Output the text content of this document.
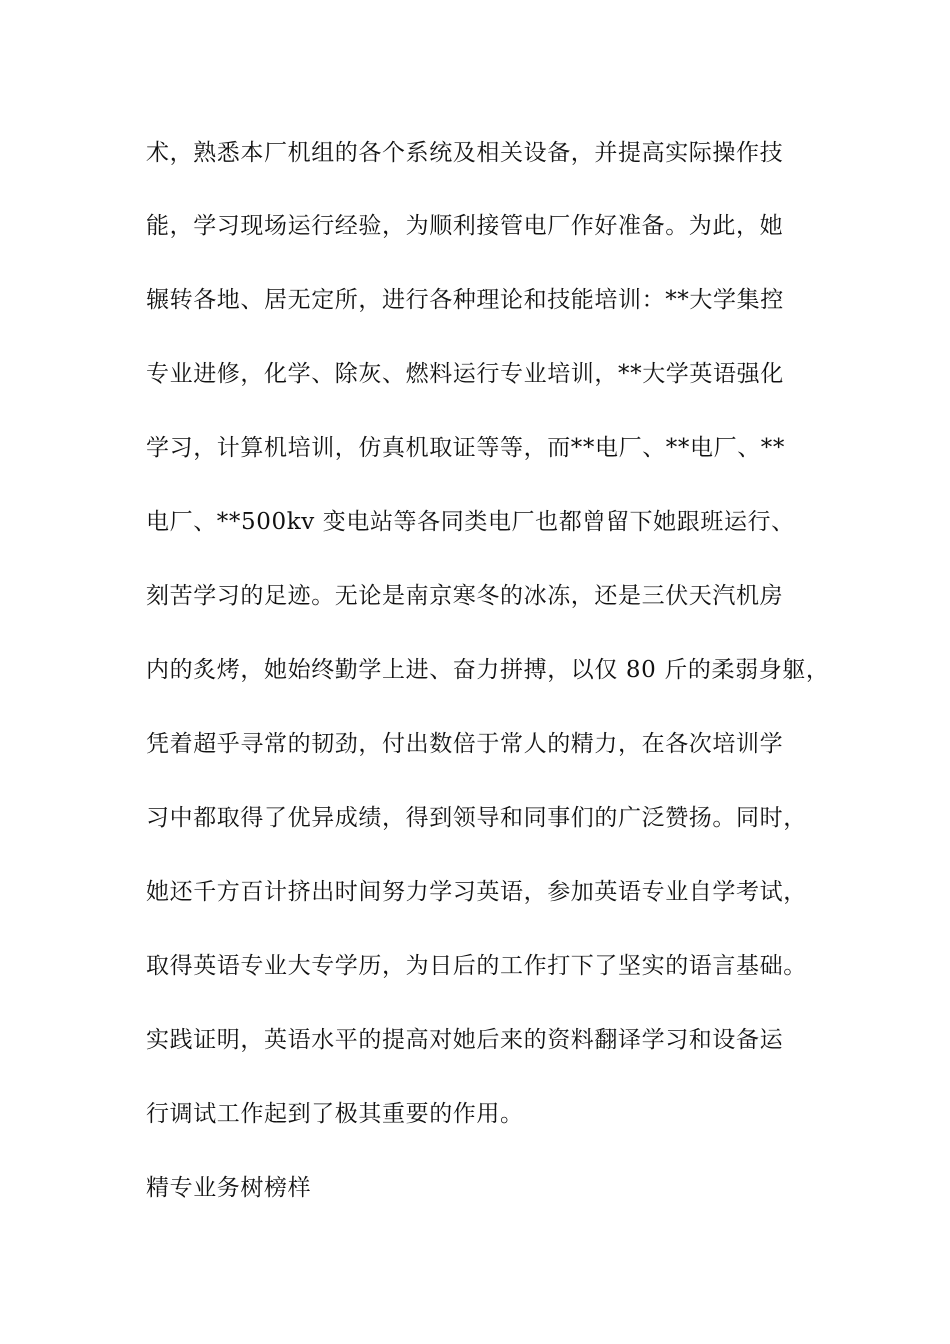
术，熟悉本厂机组的各个系统及相关设备，并提高实际操作技
能，学习现场运行经验，为顺利接管电厂作好准备。为此，她
辗转各地、居无定所，进行各种理论和技能培训：**大学集控
专业进修，化学、除灰、燃料运行专业培训，**大学英语强化
学习，计算机培训，仿真机取证等等，而**电厂、**电厂、**
电厂、**500kv 变电站等各同类电厂也都曾留下她跟班运行、
刻苦学习的足迹。无论是南京寒冬的冰冻，还是三伏天汽机房
内的炙烤，她始终勤学上进、奋力拼搏，以仅 80 斤的柔弱身躯，
凭着超乎寻常的韧劲，付出数倍于常人的精力，在各次培训学
习中都取得了优异成绩，得到领导和同事们的广泛赞扬。同时，
她还千方百计挤出时间努力学习英语，参加英语专业自学考试，
取得英语专业大专学历，为日后的工作打下了坚实的语言基础。
实践证明，英语水平的提高对她后来的资料翻译学习和设备运
行调试工作起到了极其重要的作用。
精专业务树榜样
